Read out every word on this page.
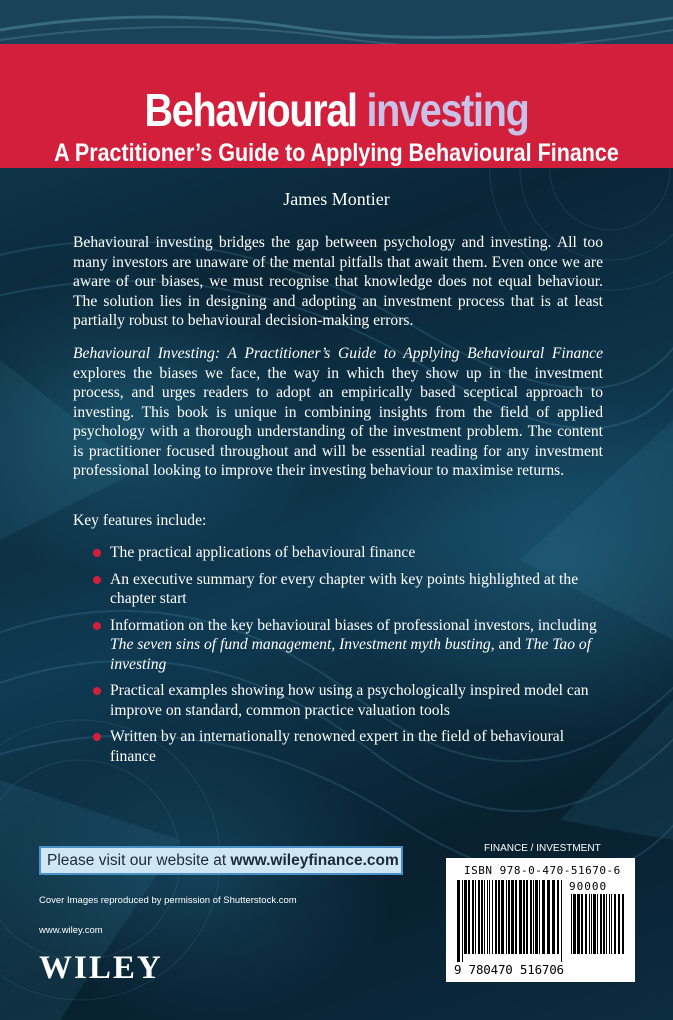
Behavioural investing
A Practitioner’s Guide to Applying Behavioural Finance
James Montier
Behavioural investing bridges the gap between psychology and investing. All too many investors are unaware of the mental pitfalls that await them. Even once we are aware of our biases, we must recognise that knowledge does not equal behaviour. The solution lies in designing and adopting an investment process that is at least partially robust to behavioural decision-making errors.
Behavioural Investing: A Practitioner’s Guide to Applying Behavioural Finance explores the biases we face, the way in which they show up in the investment process, and urges readers to adopt an empirically based sceptical approach to investing. This book is unique in combining insights from the field of applied psychology with a thorough understanding of the investment problem. The content is practitioner focused throughout and will be essential reading for any investment professional looking to improve their investing behaviour to maximise returns.
Key features include:
The practical applications of behavioural finance
An executive summary for every chapter with key points highlighted at the chapter start
Information on the key behavioural biases of professional investors, including The seven sins of fund management, Investment myth busting, and The Tao of investing
Practical examples showing how using a psychologically inspired model can improve on standard, common practice valuation tools
Written by an internationally renowned expert in the field of behavioural finance
Please visit our website at www.wileyfinance.com
Cover Images reproduced by permission of Shutterstock.com
www.wiley.com
WILEY
FINANCE / INVESTMENT
ISBN 978-0-470-51670-6
90000
9 780470 516706
